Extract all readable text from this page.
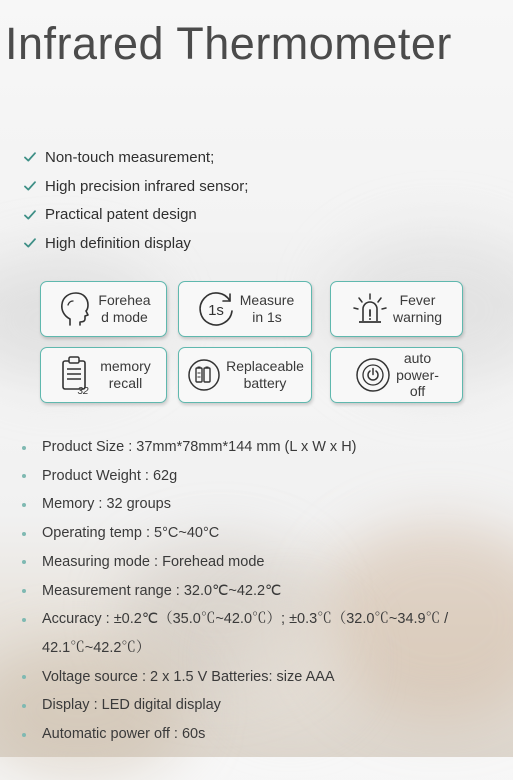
Infrared Thermometer
Non-touch measurement;
High precision infrared sensor;
Practical patent design
High definition display
Forehea
d mode	1s
Measure
in 1s
Fever
warning
32
memory
recall
Replaceable
battery
auto
power-
off
Product Size : 37mm*78mm*144 mm (L x W x H)
Product Weight : 62g
Memory : 32 groups
Operating temp : 5°C~40°C
Measuring mode : Forehead mode
Measurement range : 32.0℃~42.2℃
Accuracy : ±0.2℃（35.0℃~42.0℃）; ±0.3℃（32.0℃~34.9℃ / 42.1℃~42.2℃）
Voltage source : 2 x 1.5 V Batteries: size AAA
Display : LED digital display
Automatic power off : 60s
